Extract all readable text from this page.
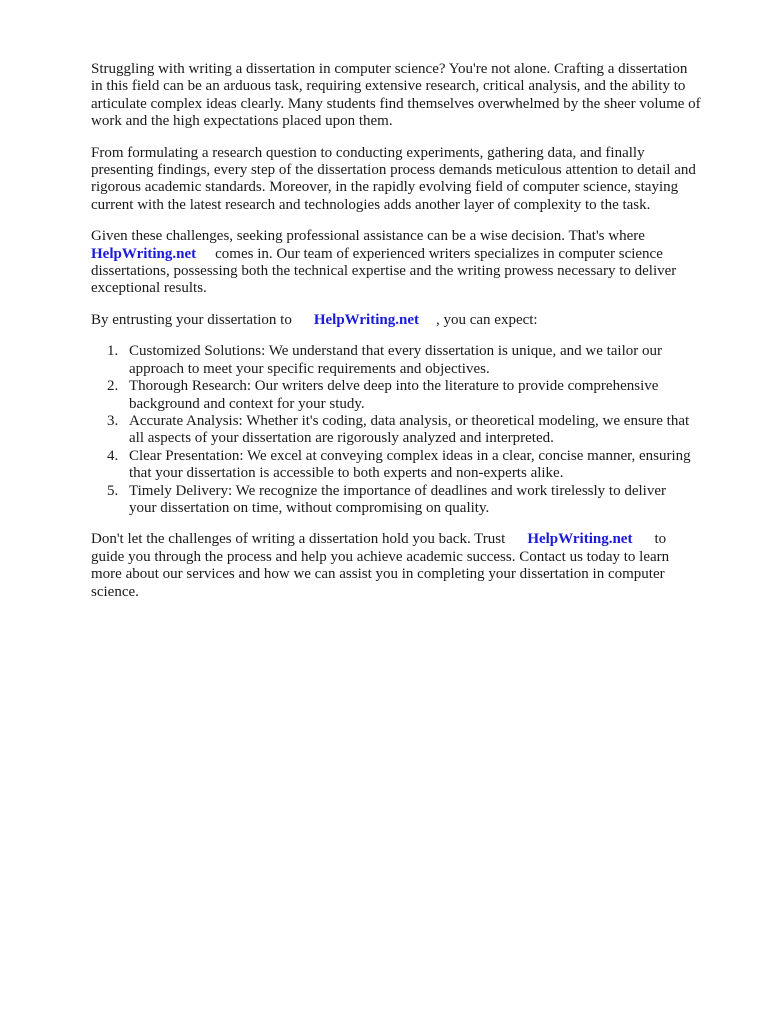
Struggling with writing a dissertation in computer science? You're not alone. Crafting a dissertation
in this field can be an arduous task, requiring extensive research, critical analysis, and the ability to
articulate complex ideas clearly. Many students find themselves overwhelmed by the sheer volume of
work and the high expectations placed upon them.

From formulating a research question to conducting experiments, gathering data, and finally
presenting findings, every step of the dissertation process demands meticulous attention to detail and
rigorous academic standards. Moreover, in the rapidly evolving field of computer science, staying
current with the latest research and technologies adds another layer of complexity to the task.

Given these challenges, seeking professional assistance can be a wise decision. That's where
HelpWriting.net comes in. Our team of experienced writers specializes in computer science
dissertations, possessing both the technical expertise and the writing prowess necessary to deliver
exceptional results.

By entrusting your dissertation to HelpWriting.net , you can expect:

1. Customized Solutions: We understand that every dissertation is unique, and we tailor our
approach to meet your specific requirements and objectives.
2. Thorough Research: Our writers delve deep into the literature to provide comprehensive
background and context for your study.
3. Accurate Analysis: Whether it's coding, data analysis, or theoretical modeling, we ensure that
all aspects of your dissertation are rigorously analyzed and interpreted.
4. Clear Presentation: We excel at conveying complex ideas in a clear, concise manner, ensuring
that your dissertation is accessible to both experts and non-experts alike.
5. Timely Delivery: We recognize the importance of deadlines and work tirelessly to deliver
your dissertation on time, without compromising on quality.

Don't let the challenges of writing a dissertation hold you back. Trust HelpWriting.net to
guide you through the process and help you achieve academic success. Contact us today to learn
more about our services and how we can assist you in completing your dissertation in computer
science.
